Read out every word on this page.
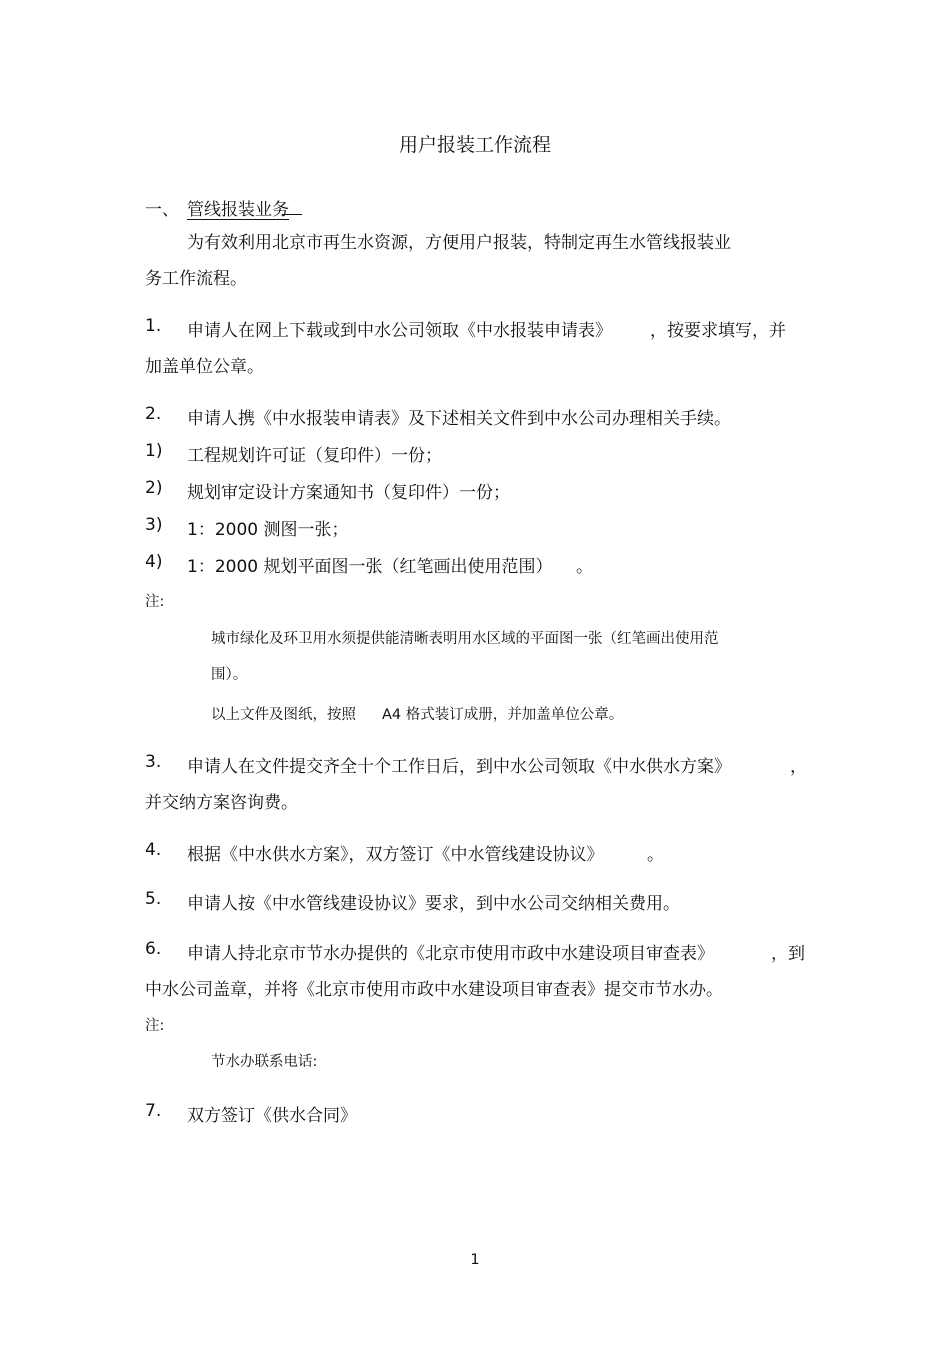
用户报装工作流程
一、 管线报装业务
为有效利用北京市再生水资源，方便用户报装，特制定再生水管线报装业
务工作流程。
1. 申请人在网上下载或到中水公司领取《中水报装申请表》 ，按要求填写，并
加盖单位公章。
2. 申请人携《中水报装申请表》及下述相关文件到中水公司办理相关手续。
1) 工程规划许可证（复印件）一份；
2) 规划审定设计方案通知书（复印件）一份；
3) 1：2000 测图一张；
4) 1：2000 规划平面图一张（红笔画出使用范围） 。
注:
城市绿化及环卫用水须提供能清晰表明用水区域的平面图一张（红笔画出使用范
围）。
以上文件及图纸，按照 A4 格式装订成册，并加盖单位公章。
3. 申请人在文件提交齐全十个工作日后，到中水公司领取《中水供水方案》	，
并交纳方案咨询费。
4. 根据《中水供水方案》，双方签订《中水管线建设协议》	。
5. 申请人按《中水管线建设协议》要求，到中水公司交纳相关费用。
6. 申请人持北京市节水办提供的《北京市使用市政中水建设项目审查表》	，到
中水公司盖章，并将《北京市使用市政中水建设项目审查表》提交市节水办。
注:
节水办联系电话:
7. 双方签订《供水合同》
1
